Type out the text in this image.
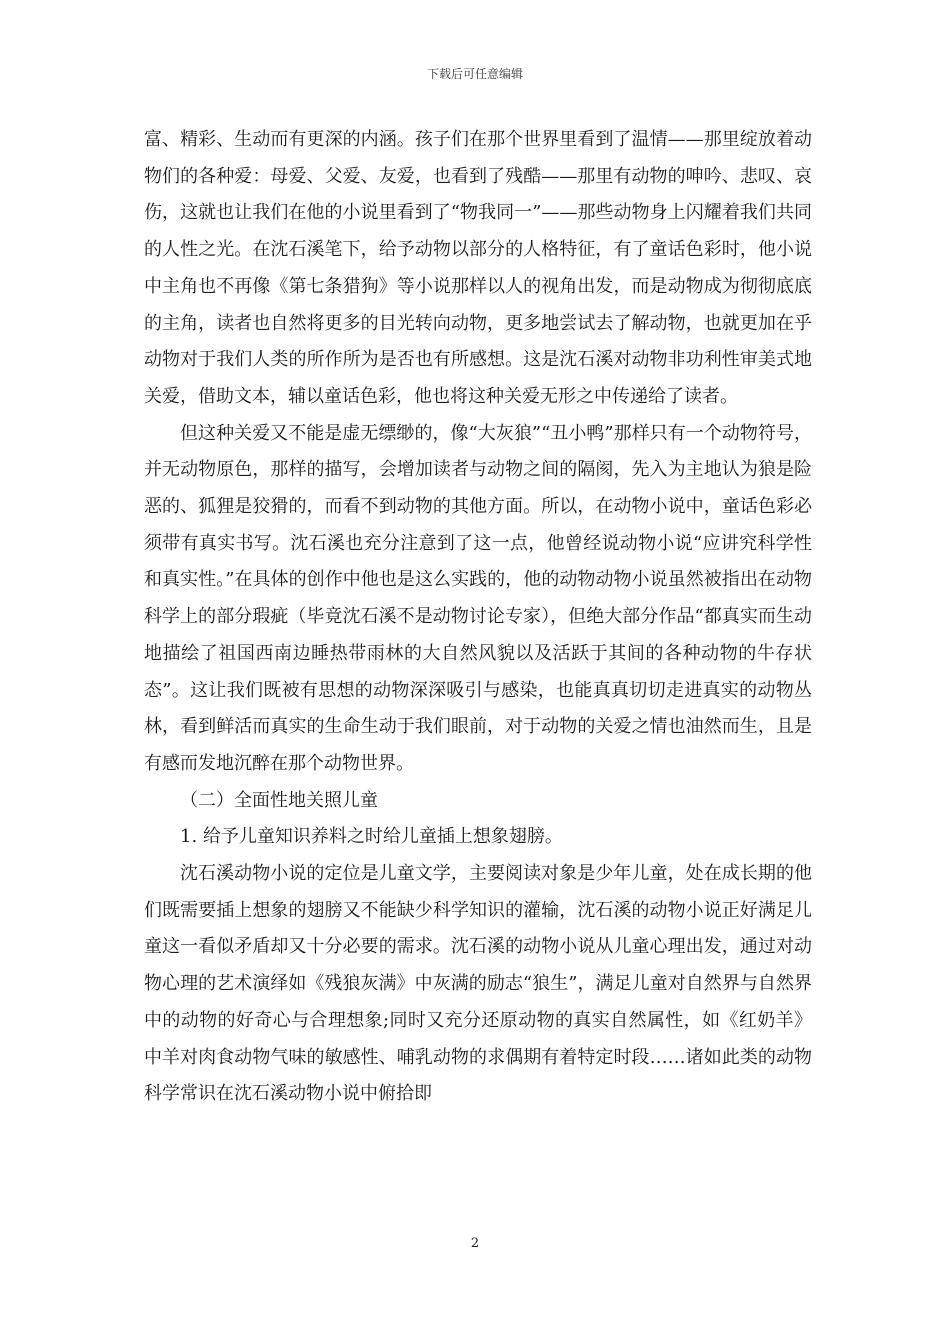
下载后可任意编辑

富、精彩、生动而有更深的内涵。孩子们在那个世界里看到了温情——那里绽放着动物们的各种爱：母爱、父爱、友爱，也看到了残酷——那里有动物的呻吟、悲叹、哀伤，这就也让我们在他的小说里看到了“物我同一”——那些动物身上闪耀着我们共同的人性之光。在沈石溪笔下，给予动物以部分的人格特征，有了童话色彩时，他小说中主角也不再像《第七条猎狗》等小说那样以人的视角出发，而是动物成为彻彻底底的主角，读者也自然将更多的目光转向动物，更多地尝试去了解动物，也就更加在乎动物对于我们人类的所作所为是否也有所感想。这是沈石溪对动物非功利性审美式地关爱，借助文本，辅以童话色彩，他也将这种关爱无形之中传递给了读者。

但这种关爱又不能是虚无缥缈的，像“大灰狼”“丑小鸭”那样只有一个动物符号，并无动物原色，那样的描写，会增加读者与动物之间的隔阂，先入为主地认为狼是险恶的、狐狸是狡猾的，而看不到动物的其他方面。所以，在动物小说中，童话色彩必须带有真实书写。沈石溪也充分注意到了这一点，他曾经说动物小说“应讲究科学性和真实性。”在具体的创作中他也是这么实践的，他的动物动物小说虽然被指出在动物科学上的部分瑕疵（毕竟沈石溪不是动物讨论专家），但绝大部分作品“都真实而生动地描绘了祖国西南边睡热带雨林的大自然风貌以及活跃于其间的各种动物的牛存状态”。这让我们既被有思想的动物深深吸引与感染，也能真真切切走进真实的动物丛林，看到鲜活而真实的生命生动于我们眼前，对于动物的关爱之情也油然而生，且是有感而发地沉醉在那个动物世界。

（二）全面性地关照儿童

1. 给予儿童知识养料之时给儿童插上想象翅膀。

沈石溪动物小说的定位是儿童文学，主要阅读对象是少年儿童，处在成长期的他们既需要插上想象的翅膀又不能缺少科学知识的灌输，沈石溪的动物小说正好满足儿童这一看似矛盾却又十分必要的需求。沈石溪的动物小说从儿童心理出发，通过对动物心理的艺术演绎如《残狼灰满》中灰满的励志“狼生”，满足儿童对自然界与自然界中的动物的好奇心与合理想象;同时又充分还原动物的真实自然属性，如《红奶羊》中羊对肉食动物气味的敏感性、哺乳动物的求偶期有着特定时段……诸如此类的动物科学常识在沈石溪动物小说中俯拾即

2
